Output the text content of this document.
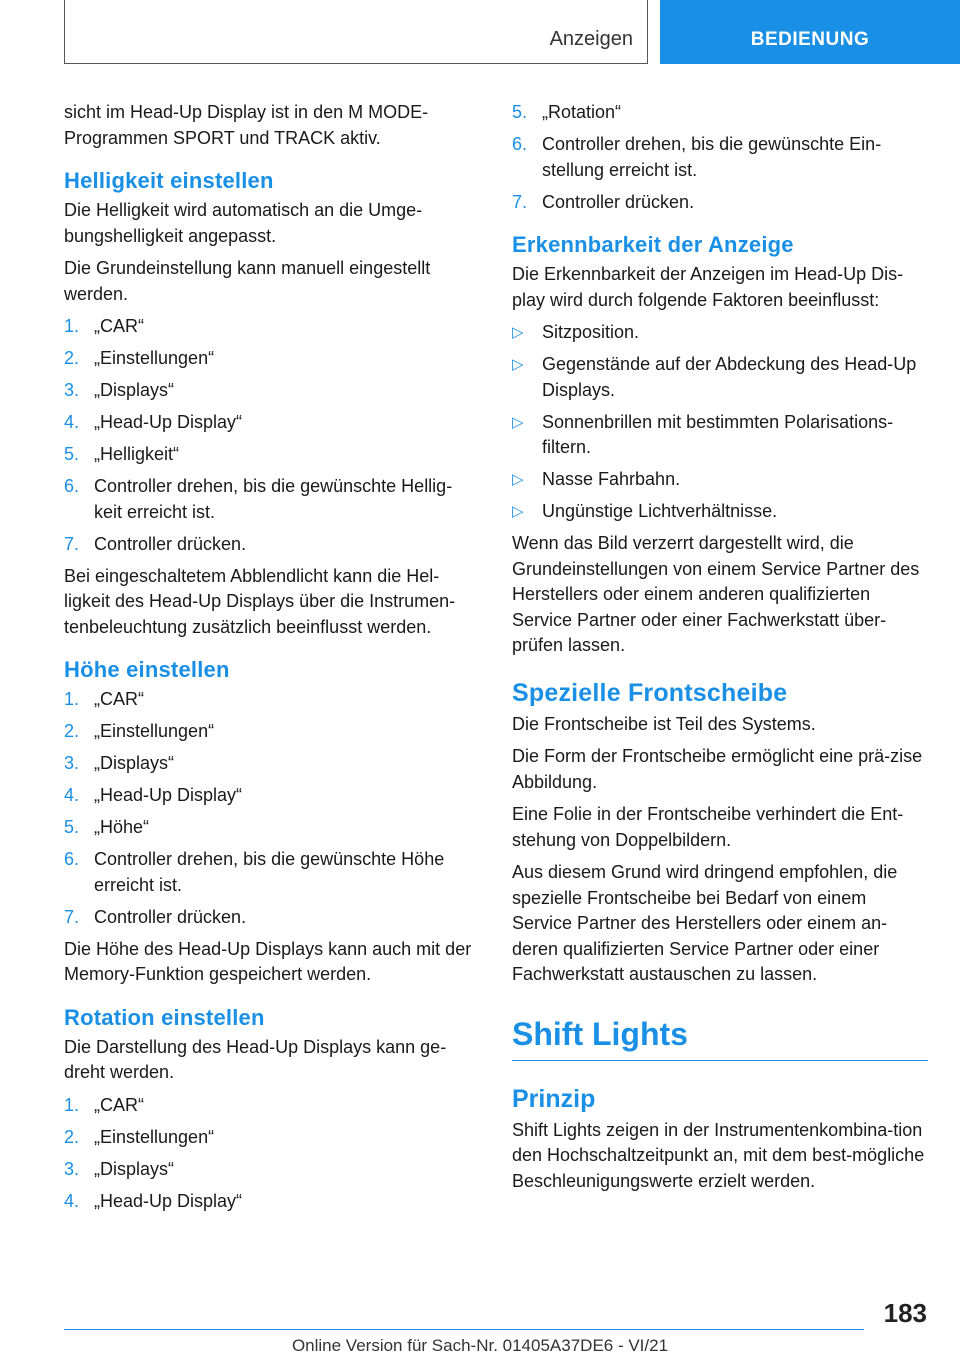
Anzeigen	BEDIENUNG

sicht im Head-Up Display ist in den M MODE-Programmen SPORT und TRACK aktiv.

Helligkeit einstellen

Die Helligkeit wird automatisch an die Umge-bungshelligkeit angepasst.

Die Grundeinstellung kann manuell eingestellt werden.

1. „CAR“
2. „Einstellungen“
3. „Displays“
4. „Head-Up Display“
5. „Helligkeit“
6. Controller drehen, bis die gewünschte Hellig-keit erreicht ist.
7. Controller drücken.

Bei eingeschaltetem Abblendlicht kann die Hel-ligkeit des Head-Up Displays über die Instrumen-tenbeleuchtung zusätzlich beeinflusst werden.

Höhe einstellen
1. „CAR“
2. „Einstellungen“
3. „Displays“
4. „Head-Up Display“
5. „Höhe“
6. Controller drehen, bis die gewünschte Höhe erreicht ist.
7. Controller drücken.

Die Höhe des Head-Up Displays kann auch mit der Memory-Funktion gespeichert werden.

Rotation einstellen

Die Darstellung des Head-Up Displays kann ge-dreht werden.

1. „CAR“
2. „Einstellungen“
3. „Displays“
4. „Head-Up Display“
5. „Rotation“
6. Controller drehen, bis die gewünschte Ein-stellung erreicht ist.
7. Controller drücken.
Erkennbarkeit der Anzeige

Die Erkennbarkeit der Anzeigen im Head-Up Dis-play wird durch folgende Faktoren beeinflusst:

▷	Sitzposition.
▷	Gegenstände auf der Abdeckung des Head-Up Displays.
▷	Sonnenbrillen mit bestimmten Polarisations-filtern.
▷	Nasse Fahrbahn.
▷	Ungünstige Lichtverhältnisse.

Wenn das Bild verzerrt dargestellt wird, die Grundeinstellungen von einem Service Partner des Herstellers oder einem anderen qualifizierten Service Partner oder einer Fachwerkstatt über-prüfen lassen.

Spezielle Frontscheibe

Die Frontscheibe ist Teil des Systems.

Die Form der Frontscheibe ermöglicht eine prä-zise Abbildung.

Eine Folie in der Frontscheibe verhindert die Ent-stehung von Doppelbildern.

Aus diesem Grund wird dringend empfohlen, die spezielle Frontscheibe bei Bedarf von einem Service Partner des Herstellers oder einem an-deren qualifizierten Service Partner oder einer Fachwerkstatt austauschen zu lassen.

Shift Lights
Prinzip

Shift Lights zeigen in der Instrumentenkombina-tion den Hochschaltzeitpunkt an, mit dem best-mögliche Beschleunigungswerte erzielt werden.

183
Online Version für Sach-Nr. 01405A37DE6 - VI/21
